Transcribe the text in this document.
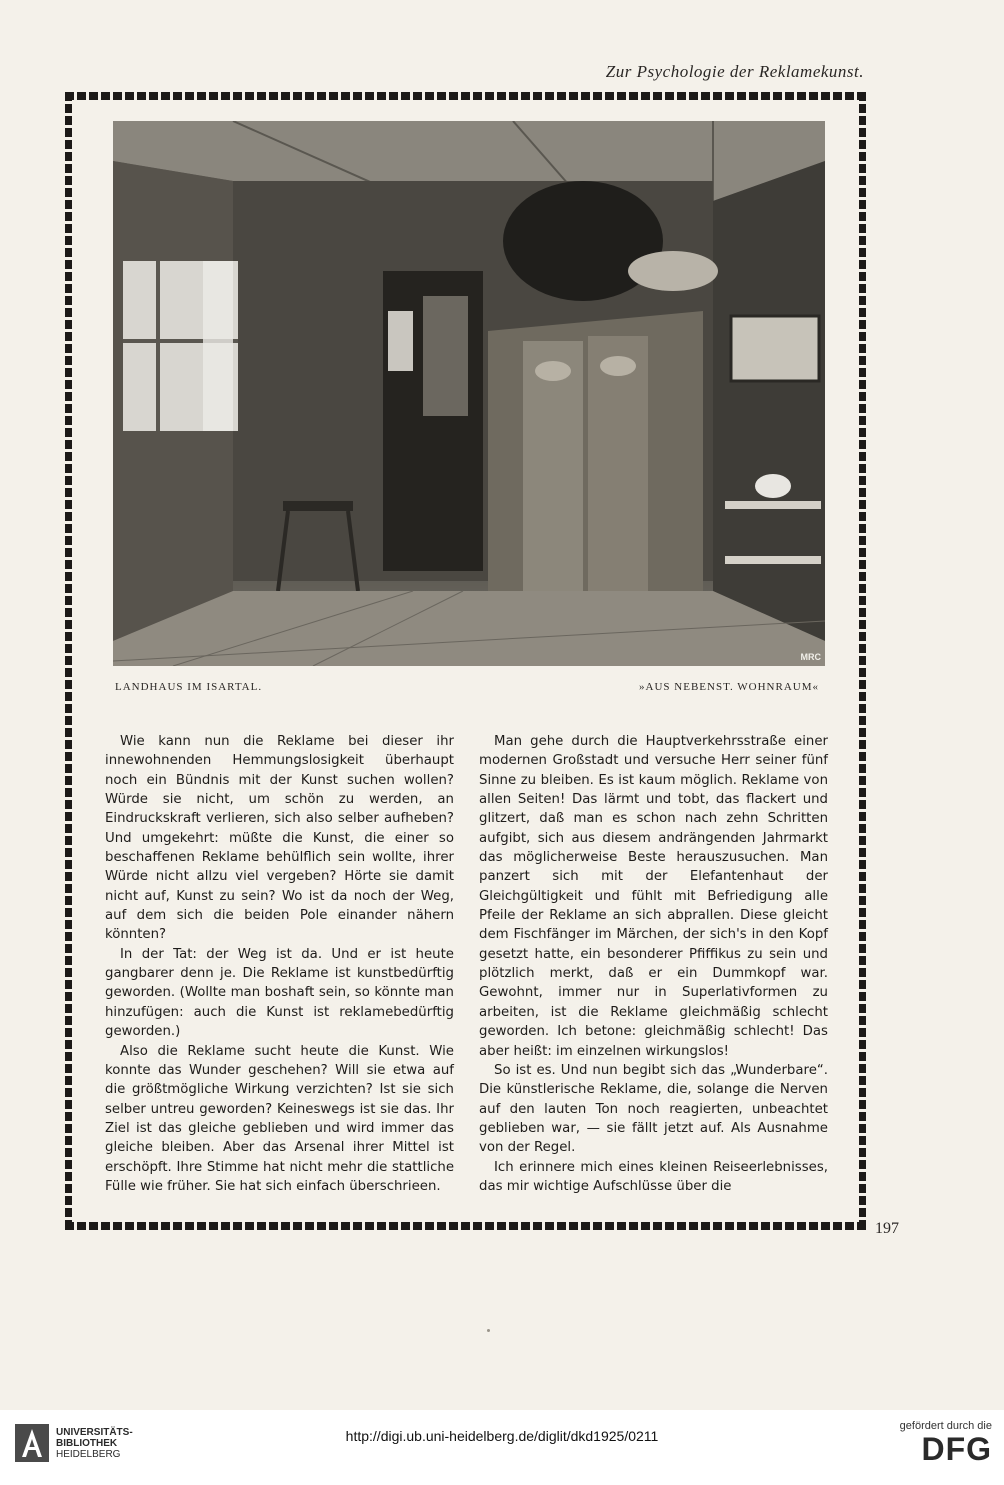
Zur Psychologie der Reklamekunst.
MRC
LANDHAUS IM ISARTAL.	»AUS NEBENST. WOHNRAUM«

Wie kann nun die Reklame bei dieser ihr innewohnenden Hemmungslosigkeit überhaupt noch ein Bündnis mit der Kunst suchen wollen? Würde sie nicht, um schön zu werden, an Eindruckskraft verlieren, sich also selber aufheben? Und umgekehrt: müßte die Kunst, die einer so beschaffenen Reklame behülflich sein wollte, ihrer Würde nicht allzu viel vergeben? Hörte sie damit nicht auf, Kunst zu sein? Wo ist da noch der Weg, auf dem sich die beiden Pole einander nähern könnten?

In der Tat: der Weg ist da. Und er ist heute gangbarer denn je. Die Reklame ist kunstbedürftig geworden. (Wollte man boshaft sein, so könnte man hinzufügen: auch die Kunst ist reklamebedürftig geworden.)

Also die Reklame sucht heute die Kunst. Wie konnte das Wunder geschehen? Will sie etwa auf die größtmögliche Wirkung verzichten? Ist sie sich selber untreu geworden? Keineswegs ist sie das. Ihr Ziel ist das gleiche geblieben und wird immer das gleiche bleiben. Aber das Arsenal ihrer Mittel ist erschöpft. Ihre Stimme hat nicht mehr die stattliche Fülle wie früher. Sie hat sich einfach überschrieen.

Man gehe durch die Hauptverkehrsstraße einer modernen Großstadt und versuche Herr seiner fünf Sinne zu bleiben. Es ist kaum möglich. Reklame von allen Seiten! Das lärmt und tobt, das flackert und glitzert, daß man es schon nach zehn Schritten aufgibt, sich aus diesem andrängenden Jahrmarkt das möglicherweise Beste herauszusuchen. Man panzert sich mit der Elefantenhaut der Gleichgültigkeit und fühlt mit Befriedigung alle Pfeile der Reklame an sich abprallen. Diese gleicht dem Fischfänger im Märchen, der sich's in den Kopf gesetzt hatte, ein besonderer Pfiffikus zu sein und plötzlich merkt, daß er ein Dummkopf war. Gewohnt, immer nur in Superlativformen zu arbeiten, ist die Reklame gleichmäßig schlecht geworden. Ich betone: gleichmäßig schlecht! Das aber heißt: im einzelnen wirkungslos!

So ist es. Und nun begibt sich das „Wunderbare“. Die künstlerische Reklame, die, solange die Nerven auf den lauten Ton noch reagierten, unbeachtet geblieben war, — sie fällt jetzt auf. Als Ausnahme von der Regel.

Ich erinnere mich eines kleinen Reiseerlebnisses, das mir wichtige Aufschlüsse über die

197
UNIVERSITÄTS-
BIBLIOTHEK
HEIDELBERG
http://digi.ub.uni-heidelberg.de/diglit/dkd1925/0211
gefördert durch die
DFG
